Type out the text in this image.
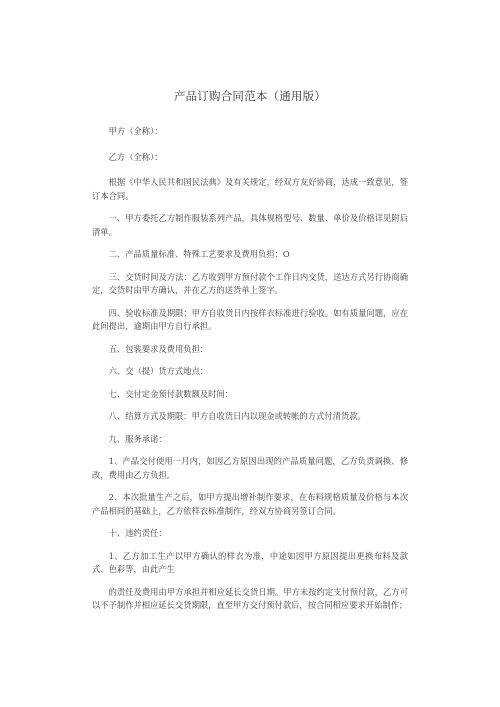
产品订购合同范本（通用版）

甲方（全称）：

乙方（全称）：

根据《中华人民共和国民法典》及有关规定，经双方友好协商，达成一致意见，签订本合同。

一、甲方委托乙方制作服装系列产品，具体规格型号、数量、单价及价格详见附后清单。

二、产品质量标准、特殊工艺要求及费用负担：O

三、交货时间及方法：乙方收到甲方预付款个工作日内交货，送达方式另行协商确定，交货时由甲方确认，并在乙方的送货单上签字。

四、验收标准及期限：甲方自收货日内按样衣标准进行验收。如有质量问题，应在此间提出，逾期由甲方自行承担。

五、包装要求及费用负担：

六、交（提）货方式地点：

七、交付定金预付款数额及时间：

八、结算方式及期限：甲方自收货日内以现金或转帐的方式付清货款。

九、服务承诺：

1、产品交付使用一月内，如因乙方原因出现的产品质量问题，乙方负责调换、修改，费用由乙方负担。

2、本次批量生产之后，如甲方提出增补制作要求，在布料规格质量及价格与本次产品相同的基础上，乙方依样衣标准制作，经双方协商另签订合同。

十、违约责任：

1、乙方加工生产以甲方确认的样衣为准，中途如因甲方原因提出更换布料及款式、色彩等，由此产生

的责任及费用由甲方承担并相应延长交货日期。甲方未按约定支付预付款，乙方可以不予制作并相应延长交货期限，直至甲方交付预付款后，按合同相应要求开始制作；
